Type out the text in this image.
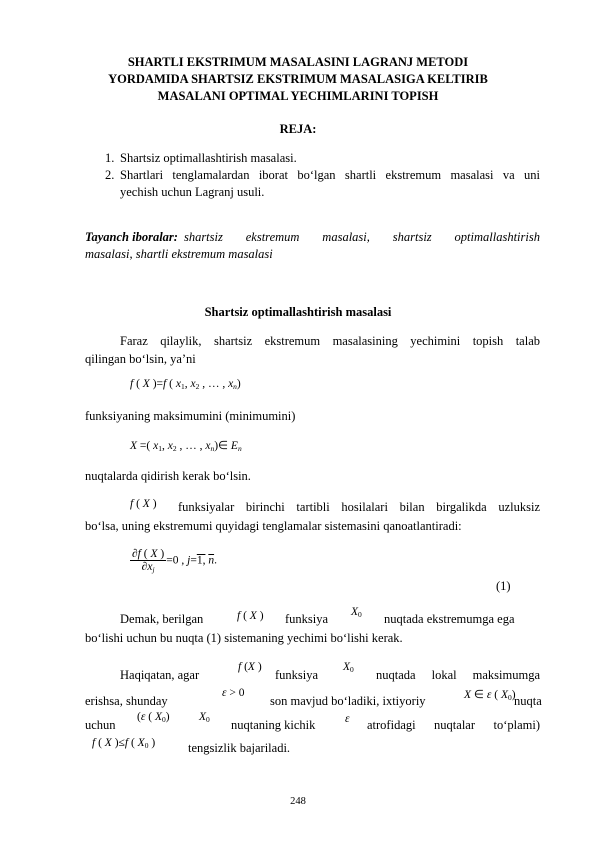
SHARTLI EKSTRIMUM MASALASINI LAGRANJ METODI
YORDAMIDA SHARTSIZ EKSTRIMUM MASALASIGA KELTIRIB
MASALANI OPTIMAL YECHIMLARINI TOPISH
REJA:
1. Shartsiz optimallashtirish masalasi.
2. Shartlari tenglamalardan iborat bo‘lgan shartli ekstremum masalasi va uni
yechish uchun Lagranj usuli.
Tayanch iboralar: shartsiz ekstremum masalasi, shartsiz optimallashtirish
masalasi, shartli ekstremum masalasi
Shartsiz optimallashtirish masalasi
Faraz qilaylik, shartsiz ekstremum masalasining yechimini topish talab
qilingan bo‘lsin, ya’ni
f ( X )=f ( $x_1$, $x_2$ , … , $x_n$)
funksiyaning maksimumini (minimumini)
X =( $x_1$, $x_2$ , … , $x_n)\in$ $E_n$
nuqtalarda qidirish kerak bo‘lsin.
f ( X ) funksiyalar birinchi tartibli hosilalari bilan birgalikda uzluksiz
bo‘lsa, uning ekstremumi quyidagi tenglamalar sistemasini qanoatlantiradi:
$\frac{\partial f ( X )}{\partial x_j} =0$ , j=1, $\overline{n}$.
(1)
Demak, berilgan	f ( X ) funksiya $X_0$ nuqtada ekstremumga ega
bo‘lishi uchun bu nuqta (1) sistemaning yechimi bo‘lishi kerak.
Haqiqatan, agar
f (X )
funksiya
$X_0$ nuqtada lokal maksimumga
erishsa, shunday
ε > 0
son mavjud bo‘ladiki, ixtiyoriy	X ∈ ε ( $X_0$)
nuqta
uchun
(ε ( $X_0$)	$X_0$ nuqtaning kichik	ε atrofidagi nuqtalar to‘plami)
f ( X )≤f ( $X_0$ )	tengsizlik bajariladi.
248
